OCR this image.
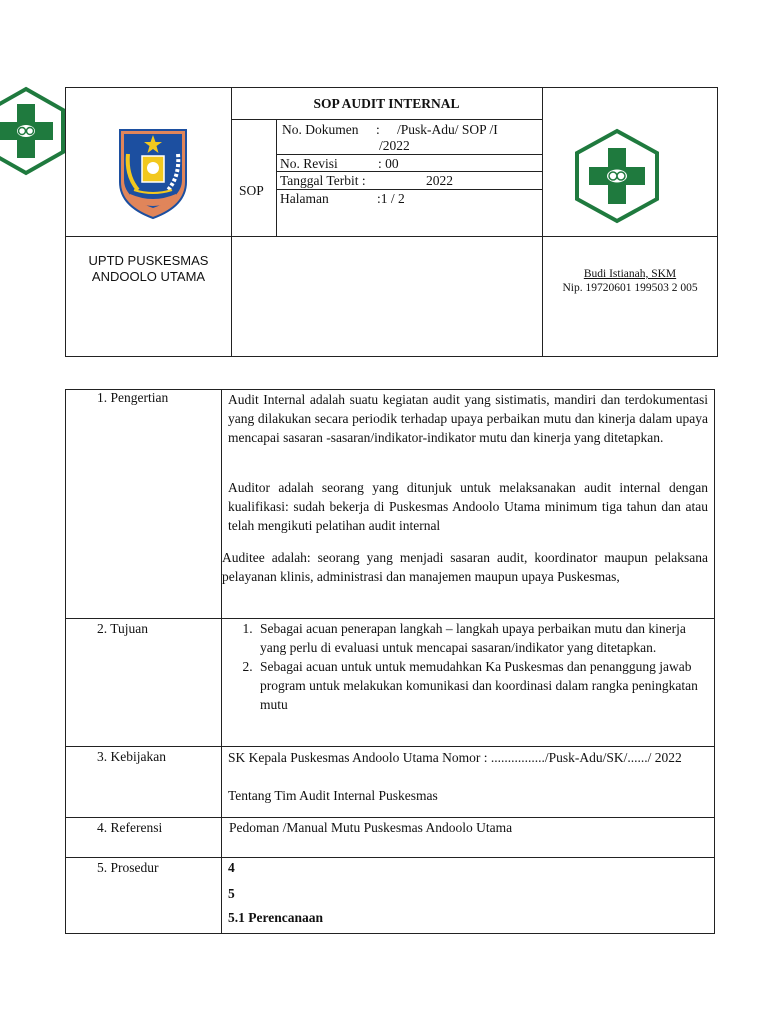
SOP AUDIT INTERNAL
SOP
No. Dokumen : /Pusk-Adu/ SOP /I
/2022
No. Revisi	: 00
Tanggal Terbit :	2022
Halaman	:1 / 2
UPTD PUSKESMAS
ANDOOLO UTAMA	Budi Istianah, SKM
Nip. 19720601 199503 2 005
1. Pengertian	Audit Internal adalah suatu kegiatan audit yang sistimatis, mandiri dan terdokumentasi yang dilakukan secara periodik terhadap upaya perbaikan mutu dan kinerja dalam upaya mencapai sasaran -sasaran/indikator-indikator mutu dan kinerja yang ditetapkan.
Auditor adalah seorang yang ditunjuk untuk melaksanakan audit internal dengan kualifikasi: sudah bekerja di Puskesmas Andoolo Utama minimum tiga tahun dan atau telah mengikuti pelatihan audit internal
Auditee adalah: seorang yang menjadi sasaran audit, koordinator maupun pelaksana pelayanan klinis, administrasi dan manajemen maupun upaya Puskesmas,
2. Tujuan
1.	Sebagai acuan penerapan langkah – langkah upaya perbaikan mutu dan kinerja yang perlu di evaluasi untuk mencapai sasaran/indikator yang ditetapkan.
2. Sebagai acuan untuk untuk memudahkan Ka Puskesmas dan penanggung jawab program untuk melakukan komunikasi dan koordinasi dalam rangka peningkatan mutu
3. Kebijakan	SK Kepala Puskesmas Andoolo Utama Nomor : ................/Pusk-Adu/SK/....../ 2022
Tentang Tim Audit Internal Puskesmas
4. Referensi	Pedoman /Manual Mutu Puskesmas Andoolo Utama
5. Prosedur	4
5
5.1 Perencanaan
